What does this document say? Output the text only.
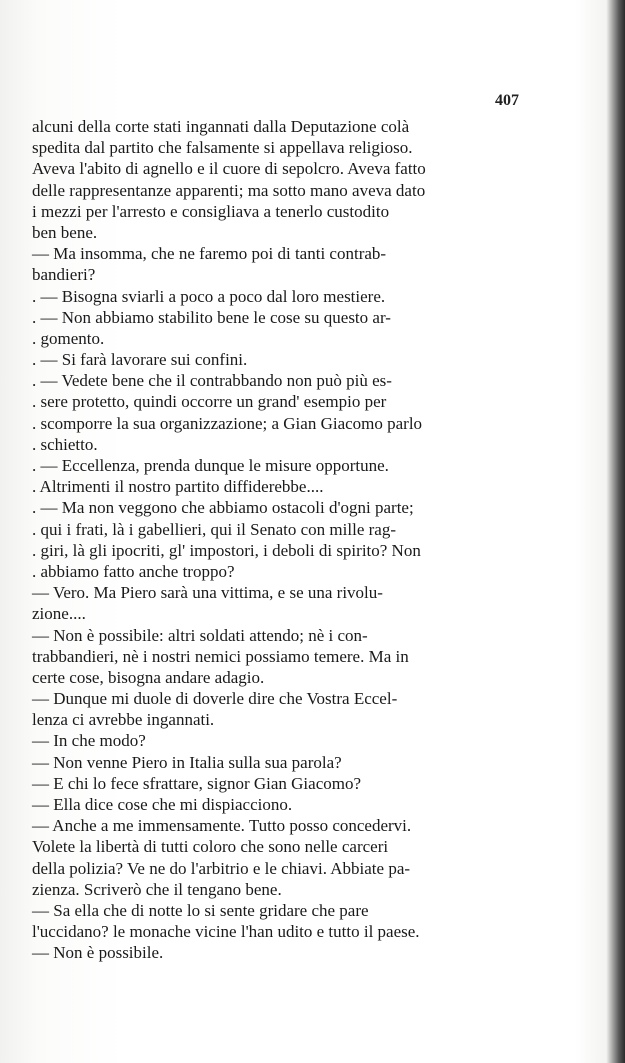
407
alcuni della corte stati ingannati dalla Deputazione colà
spedita dal partito che falsamente si appellava religioso.
Aveva l'abito di agnello e il cuore di sepolcro. Aveva fatto
delle rappresentanze apparenti; ma sotto mano aveva dato
i mezzi per l'arresto e consigliava a tenerlo custodito
ben bene.
— Ma insomma, che ne faremo poi di tanti contrab-
bandieri?
. — Bisogna sviarli a poco a poco dal loro mestiere.
. — Non abbiamo stabilito bene le cose su questo ar-
. gomento.
. — Si farà lavorare sui confini.
. — Vedete bene che il contrabbando non può più es-
. sere protetto, quindi occorre un grand' esempio per
. scomporre la sua organizzazione; a Gian Giacomo parlo
. schietto.
. — Eccellenza, prenda dunque le misure opportune.
. Altrimenti il nostro partito diffiderebbe....
. — Ma non veggono che abbiamo ostacoli d'ogni parte;
. qui i frati, là i gabellieri, qui il Senato con mille rag-
. giri, là gli ipocriti, gl' impostori, i deboli di spirito? Non
. abbiamo fatto anche troppo?
— Vero. Ma Piero sarà una vittima, e se una rivolu-
zione....
— Non è possibile: altri soldati attendo; nè i con-
trabbandieri, nè i nostri nemici possiamo temere. Ma in
certe cose, bisogna andare adagio.
— Dunque mi duole di doverle dire che Vostra Eccel-
lenza ci avrebbe ingannati.
— In che modo?
— Non venne Piero in Italia sulla sua parola?
— E chi lo fece sfrattare, signor Gian Giacomo?
— Ella dice cose che mi dispiacciono.
— Anche a me immensamente. Tutto posso concedervi.
Volete la libertà di tutti coloro che sono nelle carceri
della polizia? Ve ne do l'arbitrio e le chiavi. Abbiate pa-
zienza. Scriverò che il tengano bene.
— Sa ella che di notte lo si sente gridare che pare
l'uccidano? le monache vicine l'han udito e tutto il paese.
— Non è possibile.
